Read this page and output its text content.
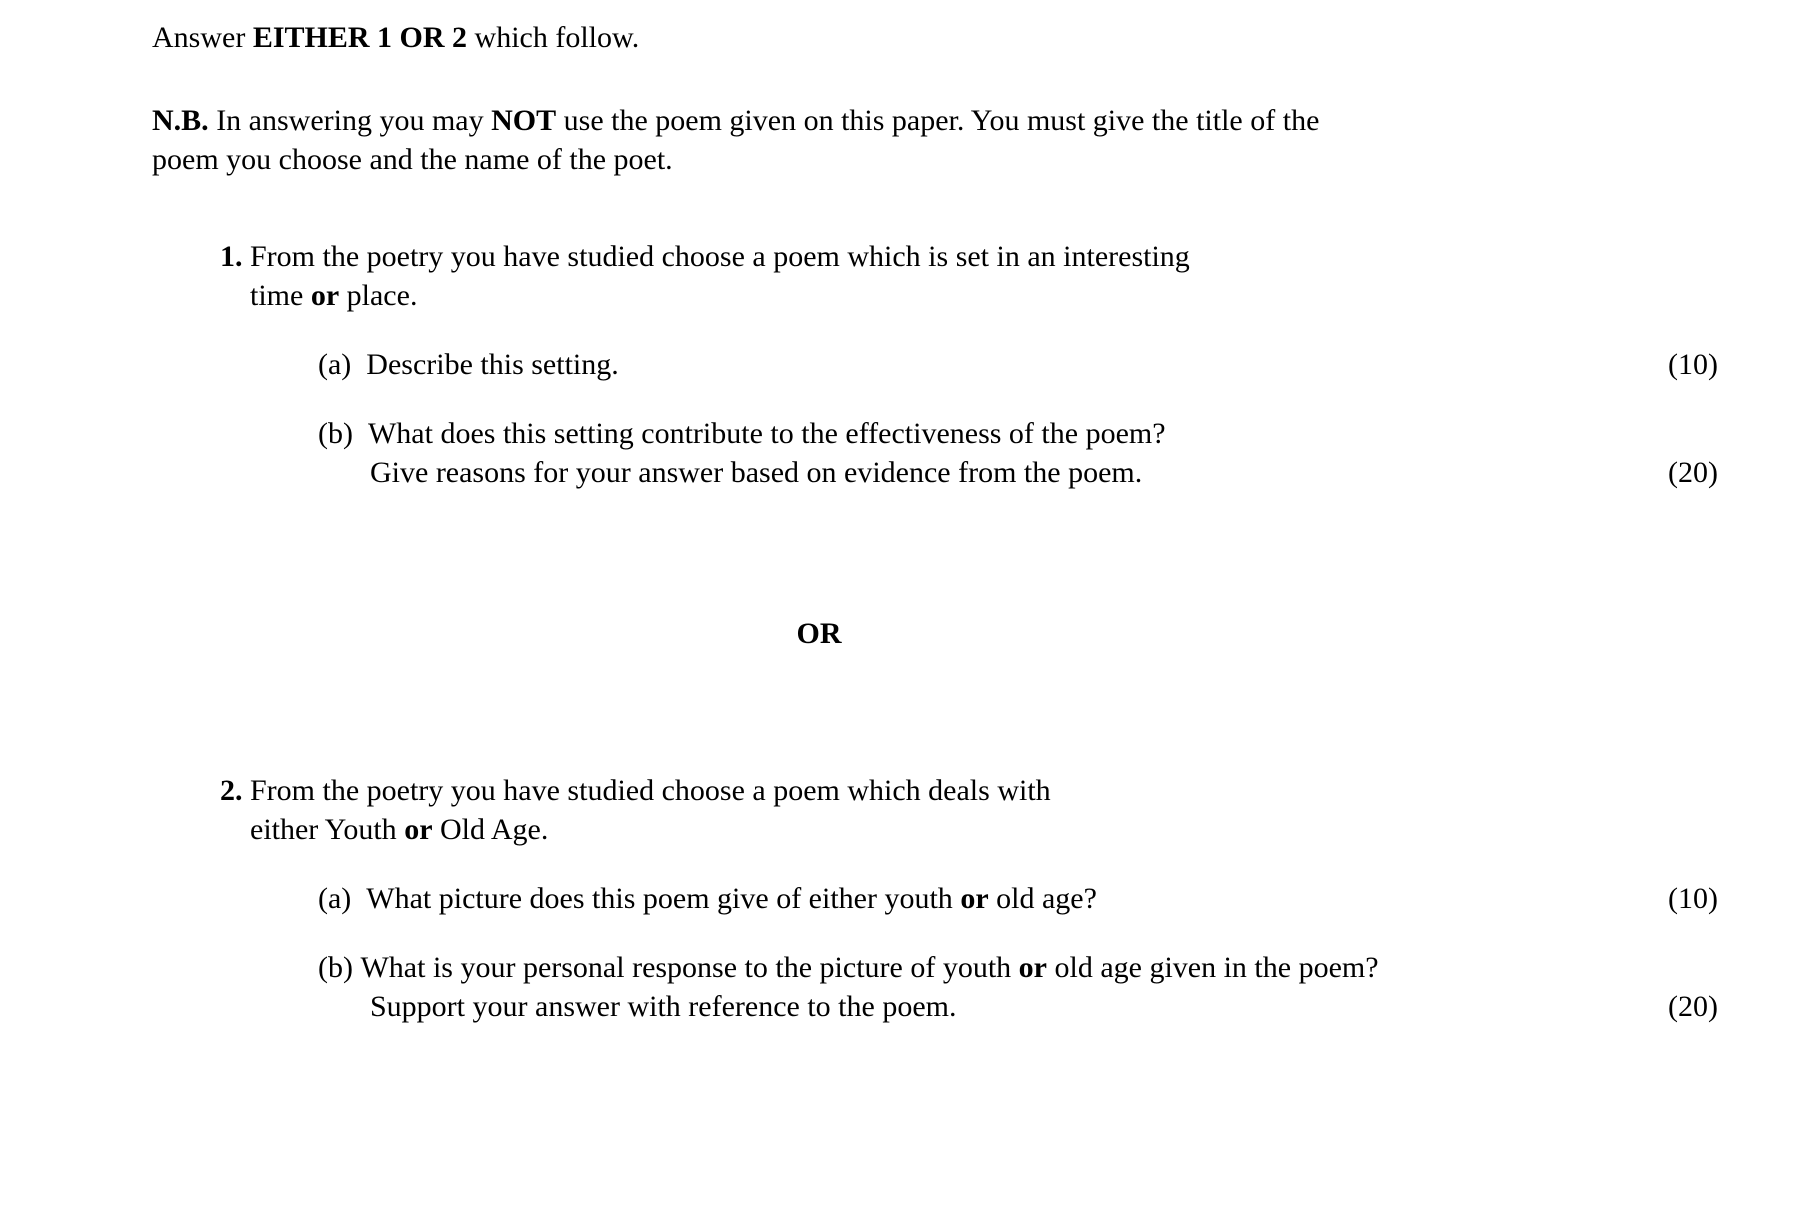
Answer EITHER 1 OR 2 which follow.

N.B. In answering you may NOT use the poem given on this paper. You must give the title of the
poem you choose and the name of the poet.

1. From the poetry you have studied choose a poem which is set in an interesting
time or place.
(a) Describe this setting.	(10)
(b) What does this setting contribute to the effectiveness of the poem?
Give reasons for your answer based on evidence from the poem.	(20)
OR
2. From the poetry you have studied choose a poem which deals with
either Youth or Old Age.
(a) What picture does this poem give of either youth or old age?	(10)
(b) What is your personal response to the picture of youth or old age given in the poem?
Support your answer with reference to the poem.	(20)
